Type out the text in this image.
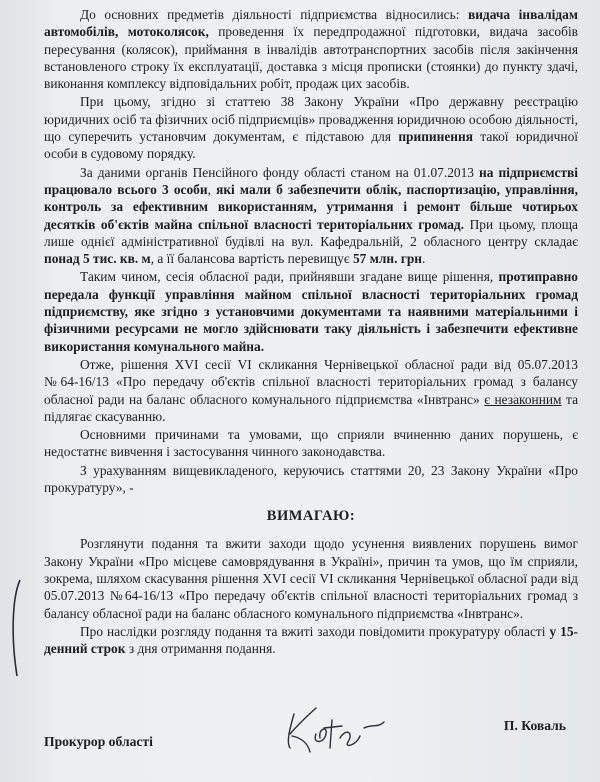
До основних предметів діяльності підприємства відносились: видача інвалідам автомобілів, мотоколясок, проведення їх передпродажної підготовки, видача засобів пересування (колясок), приймання в інвалідів автотранспортних засобів після закінчення встановленого строку їх експлуатації, доставка з місця прописки (стоянки) до пункту здачі, виконання комплексу відповідальних робіт, продаж цих засобів.

При цьому, згідно зі статтею 38 Закону України «Про державну реєстрацію юридичних осіб та фізичних осіб підприємців» провадження юридичною особою діяльності, що суперечить установчим документам, є підставою для припинення такої юридичної особи в судовому порядку.

За даними органів Пенсійного фонду області станом на 01.07.2013 на підприємстві працювало всього 3 особи, які мали б забезпечити облік, паспортизацію, управління, контроль за ефективним використанням, утримання і ремонт більше чотирьох десятків об'єктів майна спільної власності територіальних громад. При цьому, площа лише однієї адміністративної будівлі на вул. Кафедральній, 2 обласного центру складає понад 5 тис. кв. м, а її балансова вартість перевищує 57 млн. грн.

Таким чином, сесія обласної ради, прийнявши згадане вище рішення, протиправно передала функції управління майном спільної власності територіальних громад підприємству, яке згідно з установчими документами та наявними матеріальними і фізичними ресурсами не могло здійснювати таку діяльність і забезпечити ефективне використання комунального майна.

Отже, рішення XVI сесії VI скликання Чернівецької обласної ради від 05.07.2013 №64-16/13 «Про передачу об'єктів спільної власності територіальних громад з балансу обласної ради на баланс обласного комунального підприємства «Інвтранс» є незаконним та підлягає скасуванню.

Основними причинами та умовами, що сприяли вчиненню даних порушень, є недостатнє вивчення і застосування чинного законодавства.

З урахуванням вищевикладеного, керуючись статтями 20, 23 Закону України «Про прокуратуру», -

ВИМАГАЮ:

Розглянути подання та вжити заходи щодо усунення виявлених порушень вимог Закону України «Про місцеве самоврядування в Україні», причин та умов, що їм сприяли, зокрема, шляхом скасування рішення XVI сесії VI скликання Чернівецької обласної ради від 05.07.2013 №64-16/13 «Про передачу об'єктів спільної власності територіальних громад з балансу обласної ради на баланс обласного комунального підприємства «Інвтранс».

Про наслідки розгляду подання та вжиті заходи повідомити прокуратуру області у 15-денний строк з дня отримання подання.

Прокурор області
П. Коваль
